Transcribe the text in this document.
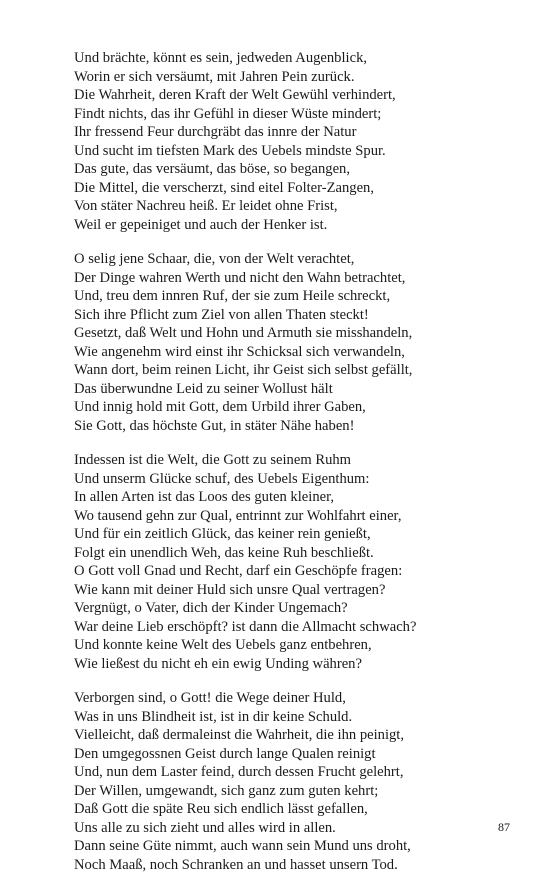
Und brächte, könnt es sein, jedweden Augenblick,
Worin er sich versäumt, mit Jahren Pein zurück.
Die Wahrheit, deren Kraft der Welt Gewühl verhindert,
Findt nichts, das ihr Gefühl in dieser Wüste mindert;
Ihr fressend Feur durchgräbt das innre der Natur
Und sucht im tiefsten Mark des Uebels mindste Spur.
Das gute, das versäumt, das böse, so begangen,
Die Mittel, die verscherzt, sind eitel Folter-Zangen,
Von stäter Nachreu heiß. Er leidet ohne Frist,
Weil er gepeiniget und auch der Henker ist.
O selig jene Schaar, die, von der Welt verachtet,
Der Dinge wahren Werth und nicht den Wahn betrachtet,
Und, treu dem innren Ruf, der sie zum Heile schreckt,
Sich ihre Pflicht zum Ziel von allen Thaten steckt!
Gesetzt, daß Welt und Hohn und Armuth sie misshandeln,
Wie angenehm wird einst ihr Schicksal sich verwandeln,
Wann dort, beim reinen Licht, ihr Geist sich selbst gefällt,
Das überwundne Leid zu seiner Wollust hält
Und innig hold mit Gott, dem Urbild ihrer Gaben,
Sie Gott, das höchste Gut, in stäter Nähe haben!
Indessen ist die Welt, die Gott zu seinem Ruhm
Und unserm Glücke schuf, des Uebels Eigenthum:
In allen Arten ist das Loos des guten kleiner,
Wo tausend gehn zur Qual, entrinnt zur Wohlfahrt einer,
Und für ein zeitlich Glück, das keiner rein genießt,
Folgt ein unendlich Weh, das keine Ruh beschließt.
O Gott voll Gnad und Recht, darf ein Geschöpfe fragen:
Wie kann mit deiner Huld sich unsre Qual vertragen?
Vergnügt, o Vater, dich der Kinder Ungemach?
War deine Lieb erschöpft? ist dann die Allmacht schwach?
Und konnte keine Welt des Uebels ganz entbehren,
Wie ließest du nicht eh ein ewig Unding währen?
Verborgen sind, o Gott! die Wege deiner Huld,
Was in uns Blindheit ist, ist in dir keine Schuld.
Vielleicht, daß dermaleinst die Wahrheit, die ihn peinigt,
Den umgegossnen Geist durch lange Qualen reinigt
Und, nun dem Laster feind, durch dessen Frucht gelehrt,
Der Willen, umgewandt, sich ganz zum guten kehrt;
Daß Gott die späte Reu sich endlich lässt gefallen,
Uns alle zu sich zieht und alles wird in allen.
Dann seine Güte nimmt, auch wann sein Mund uns droht,
Noch Maaß, noch Schranken an und hasset unsern Tod.
87
